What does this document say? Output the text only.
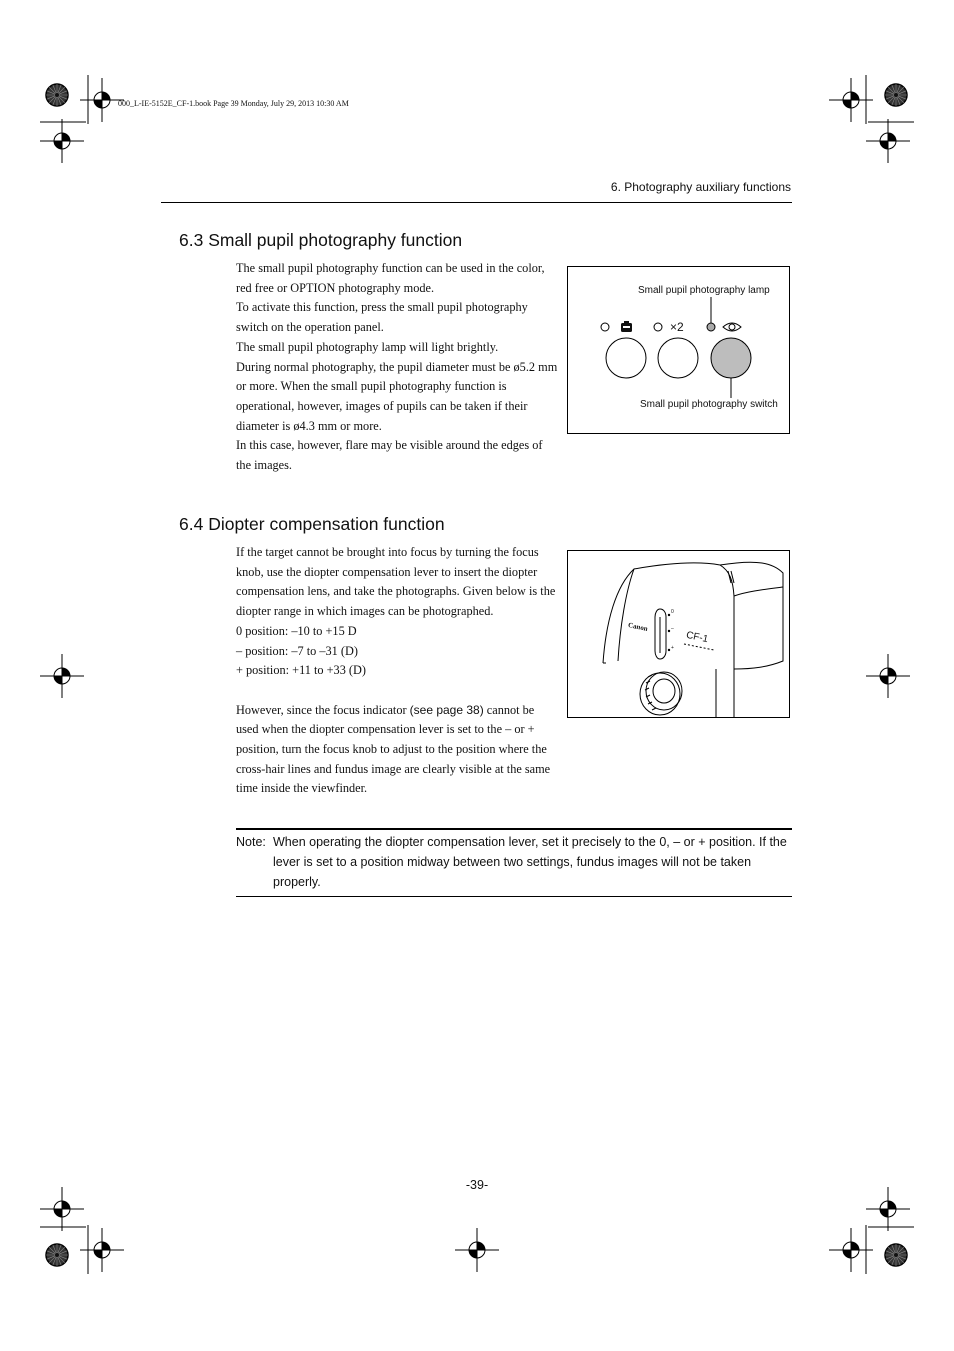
000_L-IE-5152E_CF-1.book Page 39 Monday, July 29, 2013 10:30 AM
6. Photography auxiliary functions
6.3 Small pupil photography function

The small pupil photography function can be used in the color, red free or OPTION photography mode.

To activate this function, press the small pupil photography switch on the operation panel.

The small pupil photography lamp will light brightly.

During normal photography, the pupil diameter must be ø5.2 mm or more. When the small pupil photography function is operational, however, images of pupils can be taken if their diameter is ø4.3 mm or more.

In this case, however, flare may be visible around the edges of the images.

×2
Small pupil photography lamp
Small pupil photography switch
6.4 Diopter compensation function

If the target cannot be brought into focus by turning the focus knob, use the diopter compensation lever to insert the diopter compensation lens, and take the photographs. Given below is the diopter range in which images can be photographed.

0 position: –10 to +15 D

– position: –7 to –31 (D)

+ position: +11 to +33 (D)

However, since the focus indicator (see page 38) cannot be used when the diopter compensation lever is set to the – or + position, turn the focus knob to adjust to the position where the cross-hair lines and fundus image are clearly visible at the same time inside the viewfinder.

Canon
CF-1
0
–
+
Note: When operating the diopter compensation lever, set it precisely to the 0, – or + position. If the lever is set to a position midway between two settings, fundus images will not be taken properly.
-39-
